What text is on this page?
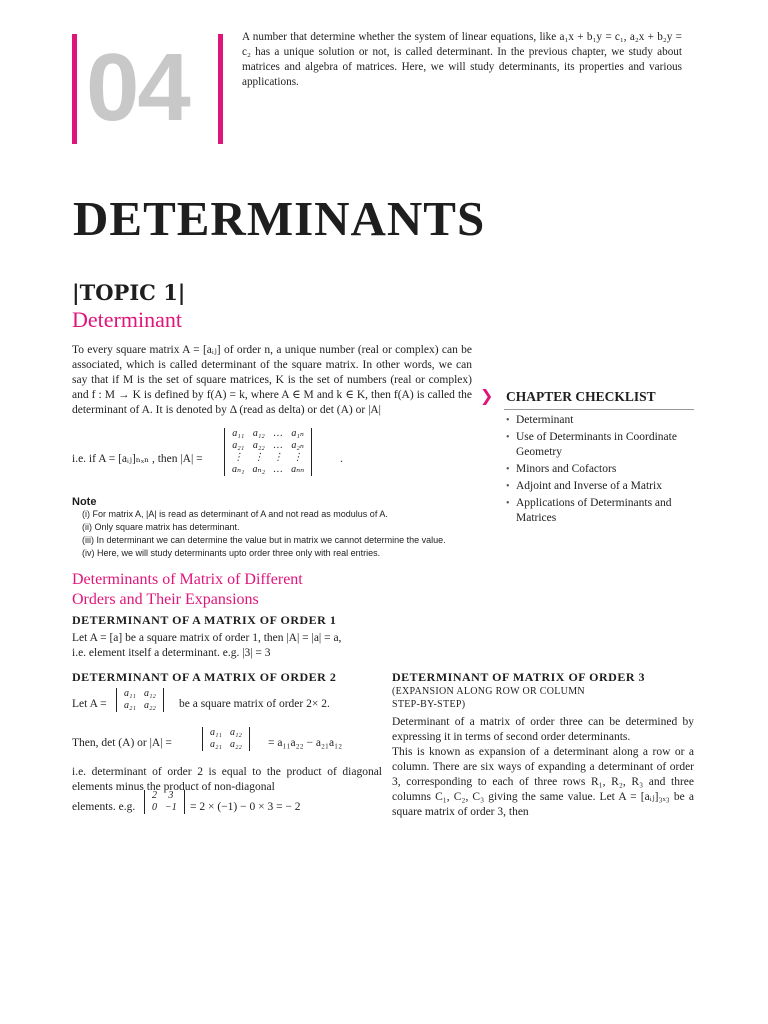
04	A number that determine whether the system of linear equations, like a₁x + b₁y = c₁, a₂x + b₂y = c₂ has a unique solution or not, is called determinant. In the previous chapter, we study about matrices and algebra of matrices. Here, we will study determinants, its properties and various applications.
DETERMINANTS
|TOPIC 1|
Determinant
To every square matrix A = [aᵢⱼ] of order n, a unique number (real or complex) can be associated, which is called determinant of the square matrix. In other words, we can say that if M is the set of square matrices, K is the set of numbers (real or complex) and f : M → K is defined by f(A) = k, where A ∈ M and k ∈ K, then f(A) is called the determinant of A. It is denoted by Δ (read as delta) or det (A) or |A|
i.e. if A = [aᵢⱼ]ₙₓₙ , then |A| =
a₁₁	a₁₂	…	a₁ₙ
a₂₁	a₂₂	…	a₂ₙ
⋮	⋮	⋮	⋮
aₙ₁	aₙ₂	…	aₙₙ
.
Note
(i) For matrix A, |A| is read as determinant of A and not read as modulus of A.
(ii) Only square matrix has determinant.
(iii) In determinant we can determine the value but in matrix we cannot determine the value.
(iv) Here, we will study determinants upto order three only with real entries.
❯ CHAPTER CHECKLIST
• Determinant
• Use of Determinants in Coordinate Geometry
• Minors and Cofactors
• Adjoint and Inverse of a Matrix
• Applications of Determinants and Matrices
Determinants of Matrix of Different
Orders and Their Expansions
DETERMINANT OF A MATRIX OF ORDER 1
Let A = [a] be a square matrix of order 1, then |A| = |a| = a,
i.e. element itself a determinant. e.g. |3| = 3
DETERMINANT OF A MATRIX OF ORDER 2
Let A =
a₁₁	a₁₂
a₂₁	a₂₂ be a square matrix of order 2× 2.
Then, det (A) or |A| =
a₁₁	a₁₂
a₂₁	a₂₂ = a₁₁a₂₂ − a₂₁a₁₂
i.e. determinant of order 2 is equal to the product of diagonal elements minus the product of non-diagonal
elements. e.g.
2	3
0	−1 = 2 × (−1) − 0 × 3 = − 2
DETERMINANT OF MATRIX OF ORDER 3
(EXPANSION ALONG ROW OR COLUMN
STEP-BY-STEP)
Determinant of a matrix of order three can be determined by expressing it in terms of second order determinants.
This is known as expansion of a determinant along a row or a column. There are six ways of expanding a determinant of order 3, corresponding to each of three rows R₁, R₂, R₃ and three columns C₁, C₂, C₃ giving the same value. Let A = [aᵢⱼ]₃ₓ₃ be a square matrix of order 3, then
